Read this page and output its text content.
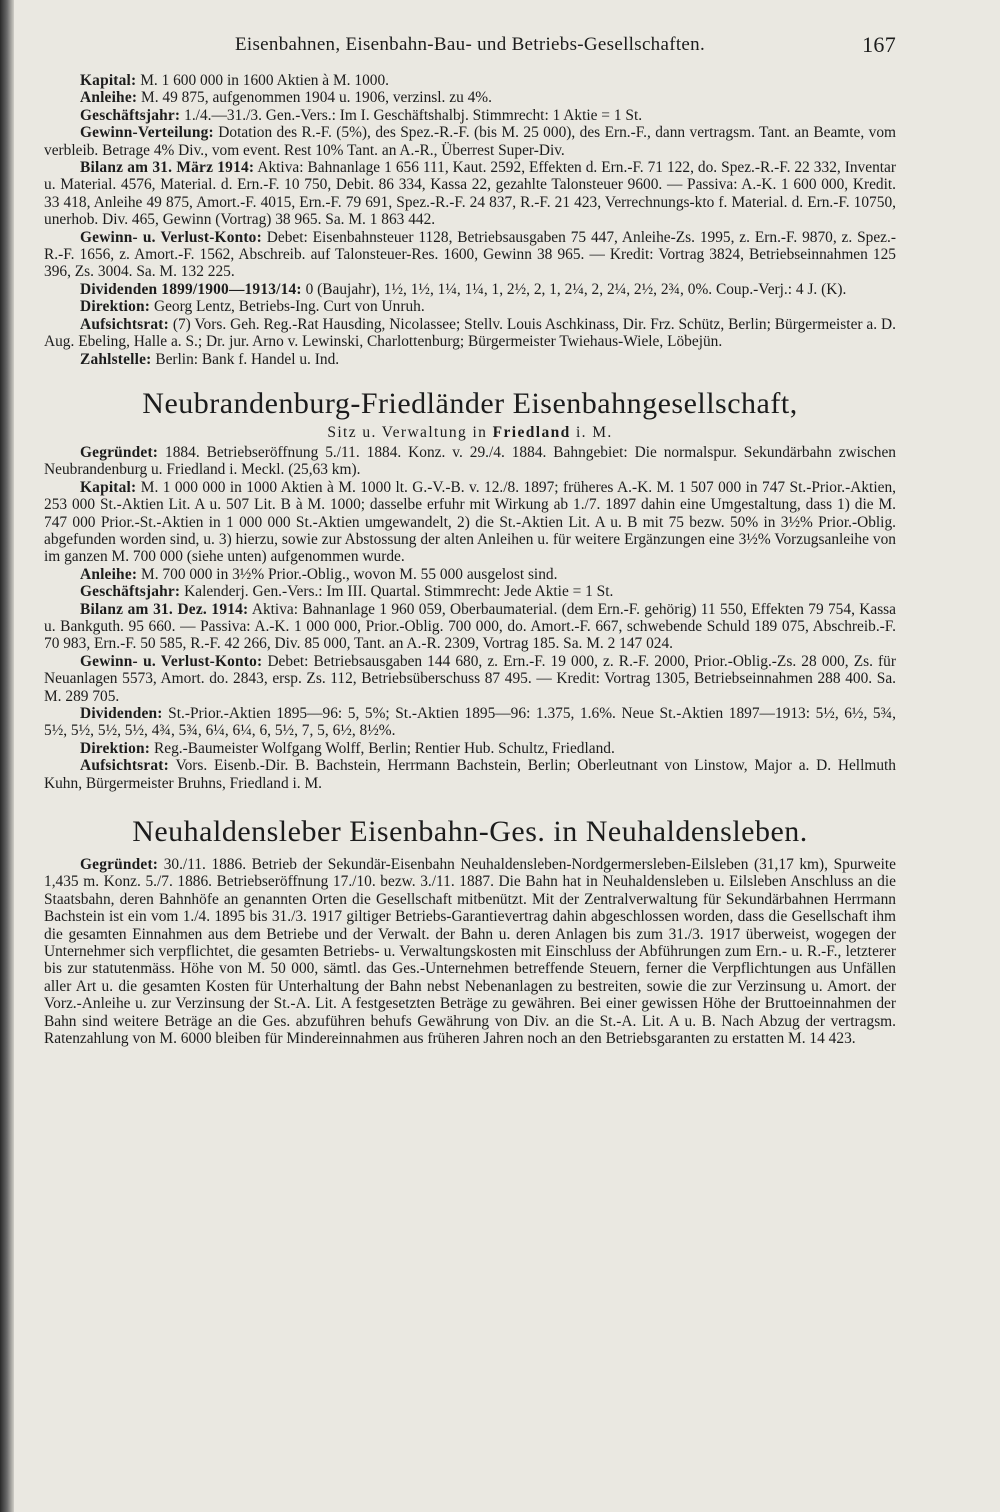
Eisenbahnen, Eisenbahn-Bau- und Betriebs-Gesellschaften.	167

Kapital: M. 1 600 000 in 1600 Aktien à M. 1000.

Anleihe: M. 49 875, aufgenommen 1904 u. 1906, verzinsl. zu 4%.

Geschäftsjahr: 1./4.—31./3. Gen.-Vers.: Im I. Geschäftshalbj. Stimmrecht: 1 Aktie = 1 St.

Gewinn-Verteilung: Dotation des R.-F. (5%), des Spez.-R.-F. (bis M. 25 000), des Ern.-F., dann vertragsm. Tant. an Beamte, vom verbleib. Betrage 4% Div., vom event. Rest 10% Tant. an A.-R., Überrest Super-Div.

Bilanz am 31. März 1914: Aktiva: Bahnanlage 1 656 111, Kaut. 2592, Effekten d. Ern.-F. 71 122, do. Spez.-R.-F. 22 332, Inventar u. Material. 4576, Material. d. Ern.-F. 10 750, Debit. 86 334, Kassa 22, gezahlte Talonsteuer 9600. — Passiva: A.-K. 1 600 000, Kredit. 33 418, Anleihe 49 875, Amort.-F. 4015, Ern.-F. 79 691, Spez.-R.-F. 24 837, R.-F. 21 423, Verrechnungs-kto f. Material. d. Ern.-F. 10750, unerhob. Div. 465, Gewinn (Vortrag) 38 965. Sa. M. 1 863 442.

Gewinn- u. Verlust-Konto: Debet: Eisenbahnsteuer 1128, Betriebsausgaben 75 447, Anleihe-Zs. 1995, z. Ern.-F. 9870, z. Spez.-R.-F. 1656, z. Amort.-F. 1562, Abschreib. auf Talonsteuer-Res. 1600, Gewinn 38 965. — Kredit: Vortrag 3824, Betriebseinnahmen 125 396, Zs. 3004. Sa. M. 132 225.

Dividenden 1899/1900—1913/14: 0 (Baujahr), 1½, 1½, 1¼, 1¼, 1, 2½, 2, 1, 2¼, 2, 2¼, 2½, 2¾, 0%. Coup.-Verj.: 4 J. (K).

Direktion: Georg Lentz, Betriebs-Ing. Curt von Unruh.

Aufsichtsrat: (7) Vors. Geh. Reg.-Rat Hausding, Nicolassee; Stellv. Louis Aschkinass, Dir. Frz. Schütz, Berlin; Bürgermeister a. D. Aug. Ebeling, Halle a. S.; Dr. jur. Arno v. Lewinski, Charlottenburg; Bürgermeister Twiehaus-Wiele, Löbejün.

Zahlstelle: Berlin: Bank f. Handel u. Ind.

Neubrandenburg-Friedländer Eisenbahngesellschaft,
Sitz u. Verwaltung in Friedland i. M.

Gegründet: 1884. Betriebseröffnung 5./11. 1884. Konz. v. 29./4. 1884. Bahngebiet: Die normalspur. Sekundärbahn zwischen Neubrandenburg u. Friedland i. Meckl. (25,63 km).

Kapital: M. 1 000 000 in 1000 Aktien à M. 1000 lt. G.-V.-B. v. 12./8. 1897; früheres A.-K. M. 1 507 000 in 747 St.-Prior.-Aktien, 253 000 St.-Aktien Lit. A u. 507 Lit. B à M. 1000; dasselbe erfuhr mit Wirkung ab 1./7. 1897 dahin eine Umgestaltung, dass 1) die M. 747 000 Prior.-St.-Aktien in 1 000 000 St.-Aktien umgewandelt, 2) die St.-Aktien Lit. A u. B mit 75 bezw. 50% in 3½% Prior.-Oblig. abgefunden worden sind, u. 3) hierzu, sowie zur Abstossung der alten Anleihen u. für weitere Ergänzungen eine 3½% Vorzugsanleihe von im ganzen M. 700 000 (siehe unten) aufgenommen wurde.

Anleihe: M. 700 000 in 3½% Prior.-Oblig., wovon M. 55 000 ausgelost sind.

Geschäftsjahr: Kalenderj. Gen.-Vers.: Im III. Quartal. Stimmrecht: Jede Aktie = 1 St.

Bilanz am 31. Dez. 1914: Aktiva: Bahnanlage 1 960 059, Oberbaumaterial. (dem Ern.-F. gehörig) 11 550, Effekten 79 754, Kassa u. Bankguth. 95 660. — Passiva: A.-K. 1 000 000, Prior.-Oblig. 700 000, do. Amort.-F. 667, schwebende Schuld 189 075, Abschreib.-F. 70 983, Ern.-F. 50 585, R.-F. 42 266, Div. 85 000, Tant. an A.-R. 2309, Vortrag 185. Sa. M. 2 147 024.

Gewinn- u. Verlust-Konto: Debet: Betriebsausgaben 144 680, z. Ern.-F. 19 000, z. R.-F. 2000, Prior.-Oblig.-Zs. 28 000, Zs. für Neuanlagen 5573, Amort. do. 2843, ersp. Zs. 112, Betriebsüberschuss 87 495. — Kredit: Vortrag 1305, Betriebseinnahmen 288 400. Sa. M. 289 705.

Dividenden: St.-Prior.-Aktien 1895—96: 5, 5%; St.-Aktien 1895—96: 1.375, 1.6%. Neue St.-Aktien 1897—1913: 5½, 6½, 5¾, 5½, 5½, 5½, 5½, 4¾, 5¾, 6¼, 6¼, 6, 5½, 7, 5, 6½, 8½%.

Direktion: Reg.-Baumeister Wolfgang Wolff, Berlin; Rentier Hub. Schultz, Friedland.

Aufsichtsrat: Vors. Eisenb.-Dir. B. Bachstein, Herrmann Bachstein, Berlin; Oberleutnant von Linstow, Major a. D. Hellmuth Kuhn, Bürgermeister Bruhns, Friedland i. M.

Neuhaldensleber Eisenbahn-Ges. in Neuhaldensleben.

Gegründet: 30./11. 1886. Betrieb der Sekundär-Eisenbahn Neuhaldensleben-Nordgermersleben-Eilsleben (31,17 km), Spurweite 1,435 m. Konz. 5./7. 1886. Betriebseröffnung 17./10. bezw. 3./11. 1887. Die Bahn hat in Neuhaldensleben u. Eilsleben Anschluss an die Staatsbahn, deren Bahnhöfe an genannten Orten die Gesellschaft mitbenützt. Mit der Zentralverwaltung für Sekundärbahnen Herrmann Bachstein ist ein vom 1./4. 1895 bis 31./3. 1917 giltiger Betriebs-Garantievertrag dahin abgeschlossen worden, dass die Gesellschaft ihm die gesamten Einnahmen aus dem Betriebe und der Verwalt. der Bahn u. deren Anlagen bis zum 31./3. 1917 überweist, wogegen der Unternehmer sich verpflichtet, die gesamten Betriebs- u. Verwaltungskosten mit Einschluss der Abführungen zum Ern.- u. R.-F., letzterer bis zur statutenmäss. Höhe von M. 50 000, sämtl. das Ges.-Unternehmen betreffende Steuern, ferner die Verpflichtungen aus Unfällen aller Art u. die gesamten Kosten für Unterhaltung der Bahn nebst Nebenanlagen zu bestreiten, sowie die zur Verzinsung u. Amort. der Vorz.-Anleihe u. zur Verzinsung der St.-A. Lit. A festgesetzten Beträge zu gewähren. Bei einer gewissen Höhe der Bruttoeinnahmen der Bahn sind weitere Beträge an die Ges. abzuführen behufs Gewährung von Div. an die St.-A. Lit. A u. B. Nach Abzug der vertragsm. Ratenzahlung von M. 6000 bleiben für Mindereinnahmen aus früheren Jahren noch an den Betriebsgaranten zu erstatten M. 14 423.
